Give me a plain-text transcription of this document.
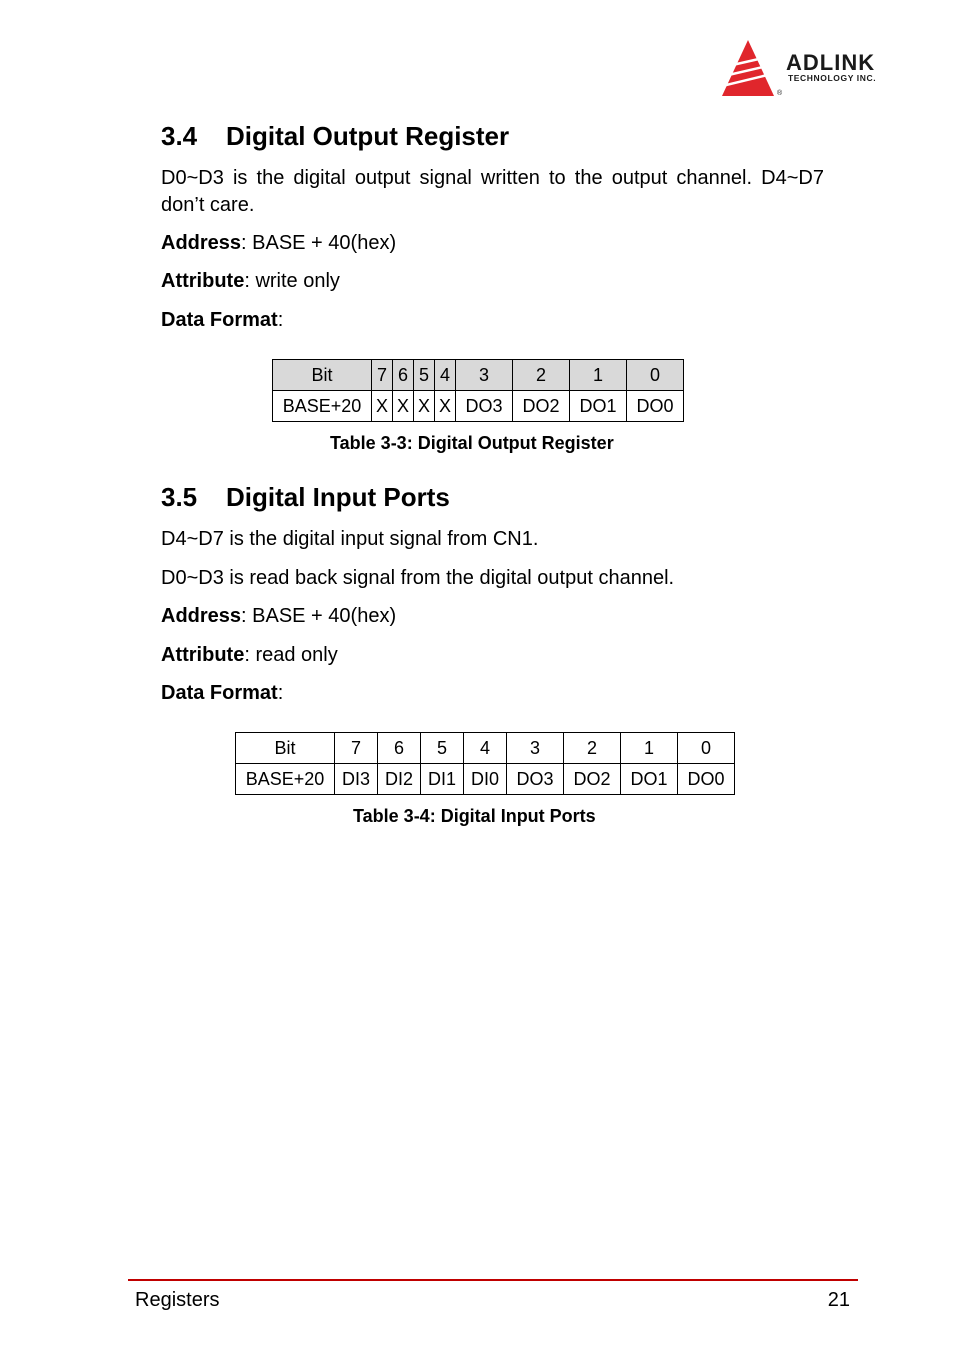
ADLINK
TECHNOLOGY INC.
®
3.4 Digital Output Register

D0~D3 is the digital output signal written to the output channel. D4~D7 don’t care.

Address: BASE + 40(hex)

Attribute: write only

Data Format:

Bit	7	6	5	4	3	2	1	0
BASE+20	X	X	X	X	DO3	DO2	DO1	DO0

Table 3-3: Digital Output Register

3.5 Digital Input Ports

D4~D7 is the digital input signal from CN1.

D0~D3 is read back signal from the digital output channel.

Address: BASE + 40(hex)

Attribute: read only

Data Format:

Bit	7	6	5	4	3	2	1	0
BASE+20	DI3	DI2	DI1	DI0	DO3	DO2	DO1	DO0

Table 3-4: Digital Input Ports

Registers	21
